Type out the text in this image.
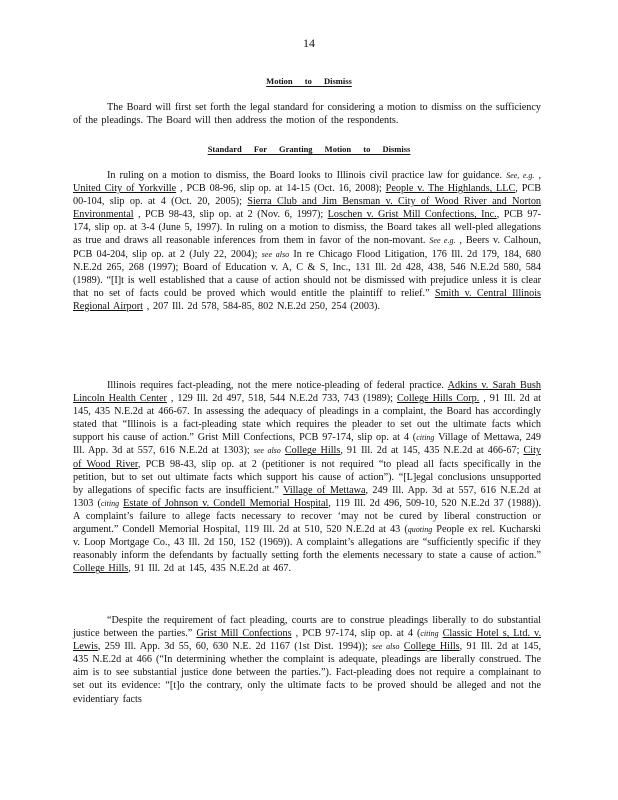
14
Motion to Dismiss

The Board will first set forth the legal standard for considering a motion to dismiss on the sufficiency of the pleadings. The Board will then address the motion of the respondents.

Standard For Granting Motion to Dismiss

In ruling on a motion to dismiss, the Board looks to Illinois civil practice law for guidance. See, e.g. , United City of Yorkville , PCB 08-96, slip op. at 14-15 (Oct. 16, 2008); People v. The Highlands, LLC, PCB 00-104, slip op. at 4 (Oct. 20, 2005); Sierra Club and Jim Bensman v. City of Wood River and Norton Environmental , PCB 98-43, slip op. at 2 (Nov. 6, 1997); Loschen v. Grist Mill Confections, Inc., PCB 97-174, slip op. at 3-4 (June 5, 1997). In ruling on a motion to dismiss, the Board takes all well-pled allegations as true and draws all reasonable inferences from them in favor of the non-movant. See e.g. , Beers v. Calhoun, PCB 04-204, slip op. at 2 (July 22, 2004); see also In re Chicago Flood Litigation, 176 Ill. 2d 179, 184, 680 N.E.2d 265, 268 (1997); Board of Education v. A, C & S, Inc., 131 Ill. 2d 428, 438, 546 N.E.2d 580, 584 (1989). “[I]t is well established that a cause of action should not be dismissed with prejudice unless it is clear that no set of facts could be proved which would entitle the plaintiff to relief.” Smith v. Central Illinois Regional Airport , 207 Ill. 2d 578, 584-85, 802 N.E.2d 250, 254 (2003).

Illinois requires fact-pleading, not the mere notice-pleading of federal practice. Adkins v. Sarah Bush Lincoln Health Center , 129 Ill. 2d 497, 518, 544 N.E.2d 733, 743 (1989); College Hills Corp. , 91 Ill. 2d at 145, 435 N.E.2d at 466-67. In assessing the adequacy of pleadings in a complaint, the Board has accordingly stated that “Illinois is a fact-pleading state which requires the pleader to set out the ultimate facts which support his cause of action.” Grist Mill Confections, PCB 97-174, slip op. at 4 (citing Village of Mettawa, 249 Ill. App. 3d at 557, 616 N.E.2d at 1303); see also College Hills, 91 Ill. 2d at 145, 435 N.E.2d at 466-67; City of Wood River, PCB 98-43, slip op. at 2 (petitioner is not required “to plead all facts specifically in the petition, but to set out ultimate facts which support his cause of action”). “[L]egal conclusions unsupported by allegations of specific facts are insufficient.” Village of Mettawa, 249 Ill. App. 3d at 557, 616 N.E.2d at 1303 (citing Estate of Johnson v. Condell Memorial Hospital, 119 Ill. 2d 496, 509-10, 520 N.E.2d 37 (1988)). A complaint’s failure to allege facts necessary to recover ‘may not be cured by liberal construction or argument.” Condell Memorial Hospital, 119 Ill. 2d at 510, 520 N.E.2d at 43 (quoting People ex rel. Kucharski v. Loop Mortgage Co., 43 Ill. 2d 150, 152 (1969)). A complaint’s allegations are “sufficiently specific if they reasonably inform the defendants by factually setting forth the elements necessary to state a cause of action.” College Hills, 91 Ill. 2d at 145, 435 N.E.2d at 467.

“Despite the requirement of fact pleading, courts are to construe pleadings liberally to do substantial justice between the parties.” Grist Mill Confections , PCB 97-174, slip op. at 4 (citing Classic Hotel s, Ltd. v. Lewis, 259 Ill. App. 3d 55, 60, 630 N.E. 2d 1167 (1st Dist. 1994)); see also College Hills, 91 Ill. 2d at 145, 435 N.E.2d at 466 (“In determining whether the complaint is adequate, pleadings are liberally construed. The aim is to see substantial justice done between the parties.”). Fact-pleading does not require a complainant to set out its evidence: “[t]o the contrary, only the ultimate facts to be proved should be alleged and not the evidentiary facts
